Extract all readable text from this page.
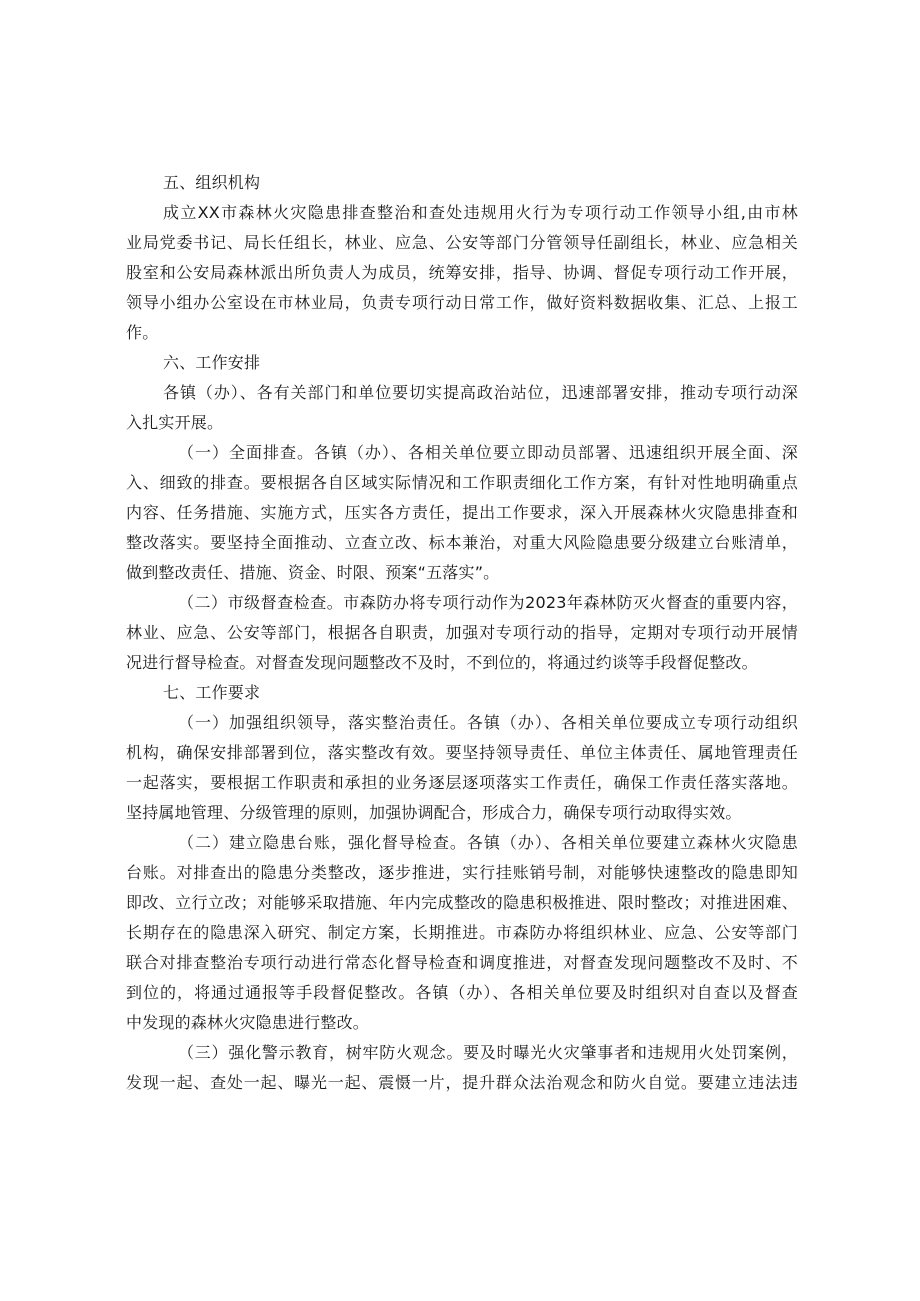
五、组织机构
成立XX市森林火灾隐患排查整治和查处违规用火行为专项行动工作领导小组,由市林
业局党委书记、局长任组长，林业、应急、公安等部门分管领导任副组长，林业、应急相关
股室和公安局森林派出所负责人为成员，统筹安排，指导、协调、督促专项行动工作开展，
领导小组办公室设在市林业局，负责专项行动日常工作，做好资料数据收集、汇总、上报工
作。
六、工作安排
各镇（办）、各有关部门和单位要切实提高政治站位，迅速部署安排，推动专项行动深
入扎实开展。
（一）全面排查。各镇（办）、各相关单位要立即动员部署、迅速组织开展全面、深
入、细致的排查。要根据各自区域实际情况和工作职责细化工作方案，有针对性地明确重点
内容、任务措施、实施方式，压实各方责任，提出工作要求，深入开展森林火灾隐患排查和
整改落实。要坚持全面推动、立查立改、标本兼治，对重大风险隐患要分级建立台账清单，
做到整改责任、措施、资金、时限、预案“五落实”。
（二）市级督查检查。市森防办将专项行动作为2023年森林防灭火督查的重要内容，
林业、应急、公安等部门，根据各自职责，加强对专项行动的指导，定期对专项行动开展情
况进行督导检查。对督查发现问题整改不及时，不到位的，将通过约谈等手段督促整改。
七、工作要求
（一）加强组织领导，落实整治责任。各镇（办）、各相关单位要成立专项行动组织
机构，确保安排部署到位，落实整改有效。要坚持领导责任、单位主体责任、属地管理责任
一起落实，要根据工作职责和承担的业务逐层逐项落实工作责任，确保工作责任落实落地。
坚持属地管理、分级管理的原则，加强协调配合，形成合力，确保专项行动取得实效。
（二）建立隐患台账，强化督导检查。各镇（办）、各相关单位要建立森林火灾隐患
台账。对排查出的隐患分类整改，逐步推进，实行挂账销号制，对能够快速整改的隐患即知
即改、立行立改；对能够采取措施、年内完成整改的隐患积极推进、限时整改；对推进困难、
长期存在的隐患深入研究、制定方案，长期推进。市森防办将组织林业、应急、公安等部门
联合对排查整治专项行动进行常态化督导检查和调度推进，对督查发现问题整改不及时、不
到位的，将通过通报等手段督促整改。各镇（办）、各相关单位要及时组织对自查以及督查
中发现的森林火灾隐患进行整改。
（三）强化警示教育，树牢防火观念。要及时曝光火灾肇事者和违规用火处罚案例，
发现一起、查处一起、曝光一起、震慑一片，提升群众法治观念和防火自觉。要建立违法违
